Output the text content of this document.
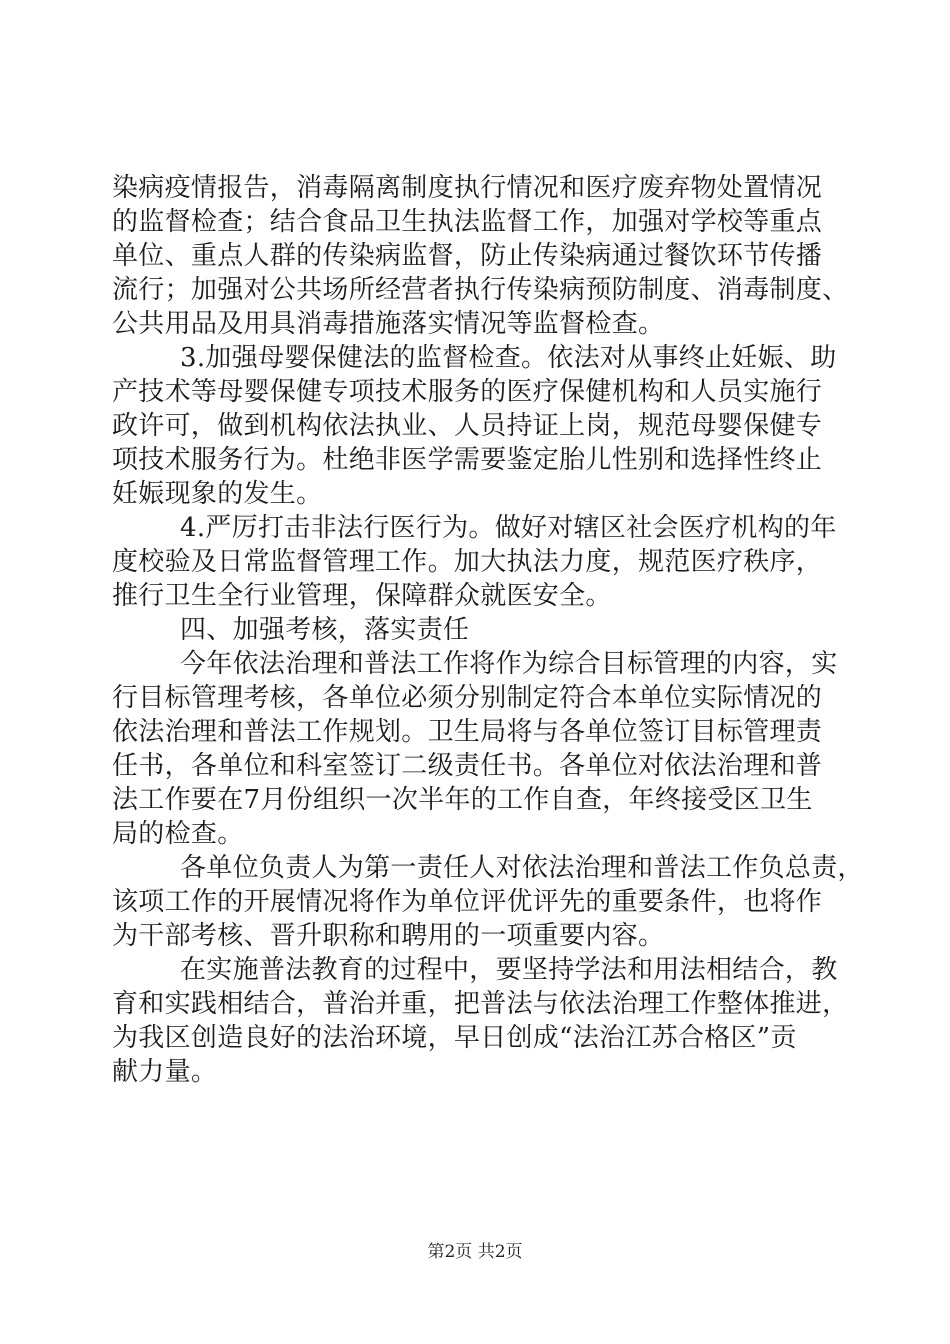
染病疫情报告，消毒隔离制度执行情况和医疗废弃物处置情况
的监督检查；结合食品卫生执法监督工作，加强对学校等重点
单位、重点人群的传染病监督，防止传染病通过餐饮环节传播
流行；加强对公共场所经营者执行传染病预防制度、消毒制度、
公共用品及用具消毒措施落实情况等监督检查。
3.加强母婴保健法的监督检查。依法对从事终止妊娠、助
产技术等母婴保健专项技术服务的医疗保健机构和人员实施行
政许可，做到机构依法执业、人员持证上岗，规范母婴保健专
项技术服务行为。杜绝非医学需要鉴定胎儿性别和选择性终止
妊娠现象的发生。
4.严厉打击非法行医行为。做好对辖区社会医疗机构的年
度校验及日常监督管理工作。加大执法力度，规范医疗秩序，
推行卫生全行业管理，保障群众就医安全。
四、加强考核，落实责任
今年依法治理和普法工作将作为综合目标管理的内容，实
行目标管理考核，各单位必须分别制定符合本单位实际情况的
依法治理和普法工作规划。卫生局将与各单位签订目标管理责
任书，各单位和科室签订二级责任书。各单位对依法治理和普
法工作要在7月份组织一次半年的工作自查，年终接受区卫生
局的检查。
各单位负责人为第一责任人对依法治理和普法工作负总责，
该项工作的开展情况将作为单位评优评先的重要条件，也将作
为干部考核、晋升职称和聘用的一项重要内容。
在实施普法教育的过程中，要坚持学法和用法相结合，教
育和实践相结合，普治并重，把普法与依法治理工作整体推进，
为我区创造良好的法治环境，早日创成“法治江苏合格区”贡
献力量。
第2页 共2页
